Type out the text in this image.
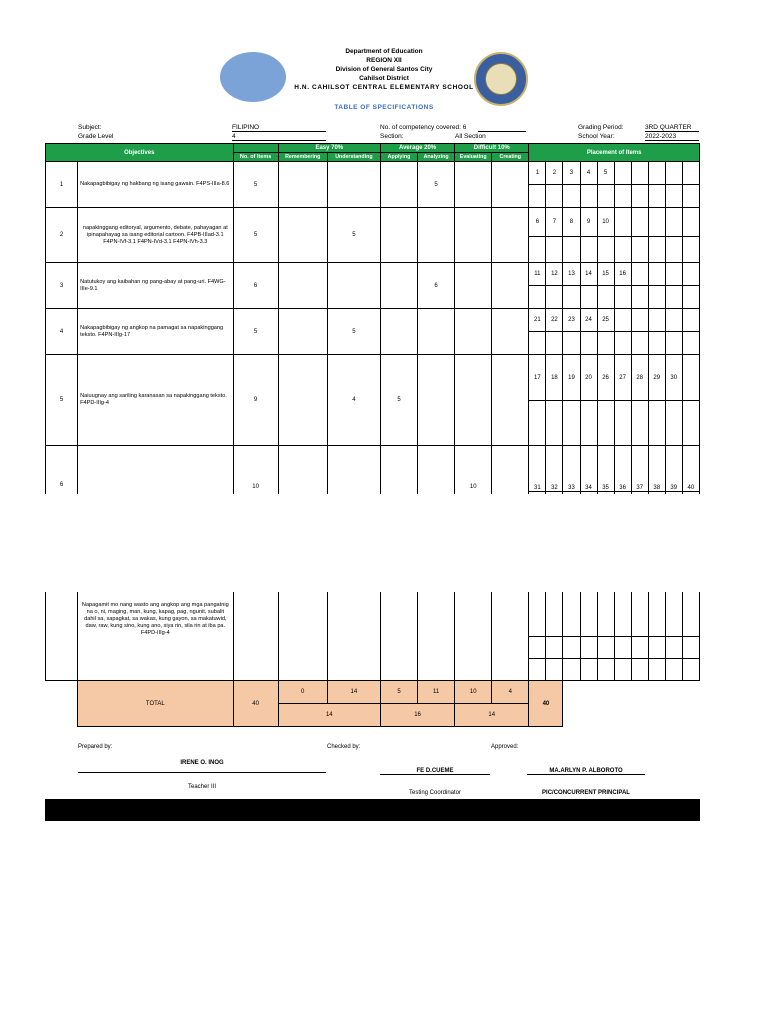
Department of Education
REGION XII
Division of General Santos City
Cahilsot District
H.N. CAHILSOT CENTRAL ELEMENTARY SCHOOL
TABLE OF SPECIFICATIONS
Subject:	FILIPINO
Grade Level	4
No. of competency covered: 6
Section:	All Section
Grading Period:	3RD QUARTER
School Year:	2022-2023
Objectives			Easy 70%		Average 20%		Difficult 10%		Placement of Items									
		No. of Items	Remembering	Understanding	Applying	Analyzing	Evaluating	Creating										
1	Nakapagbibigay ng hakbang ng isang gawain. F4PS-IIIa-8.6	5				5			1	2	3	4	5					

2	napakinggang editoryal, argumento, debate, pahayagan at ipinapahayag sa isang editorial cartoon. F4PB-IIIad-3.1 F4PN-IVf-3.1 F4PN-IVd-3.1 F4PN-IVh-3.3	5		5					6	7	8	9	10					

3	Natutukoy ang kaibahan ng pang-abay at pang-uri. F4WG-IIIe-9.1	6				6			11	12	13	14	15	16				

4	Nakapagbibigay ng angkop na pamagat sa napakinggang teksto. F4PN-IIIg-17	5		5					21	22	23	24	25					

5	Naiuugnay ang sariling karanasan sa napakinggang teksto. F4PD-IIIg-4	9		4	5				17	18	19	20	26	27	28	29	30	

6	Napagamit mo nang wasto ang angkop ang mga pangatnig na o, ni, maging, man, kung, kapag, pag, ngunit, subalit dahil sa, sapagkat, sa wakas, kung gayon, sa makatuwid, daw, raw, kung sino, kung ano, siya rin, sila rin at iba pa. F4PD-IIIg-4	10					10		31	32	33	34	35	36	37	38	39	40

	TOTAL	40	0	14	5	11	10	4	40									
			14		16		14											
Prepared by:	Checked by:	Approved:
IRENE O. INOG
Teacher III
FE D.CUEME
Testing Coordinator
MA.ARLYN P. ALBOROTO
PIC/CONCURRENT PRINCIPAL
